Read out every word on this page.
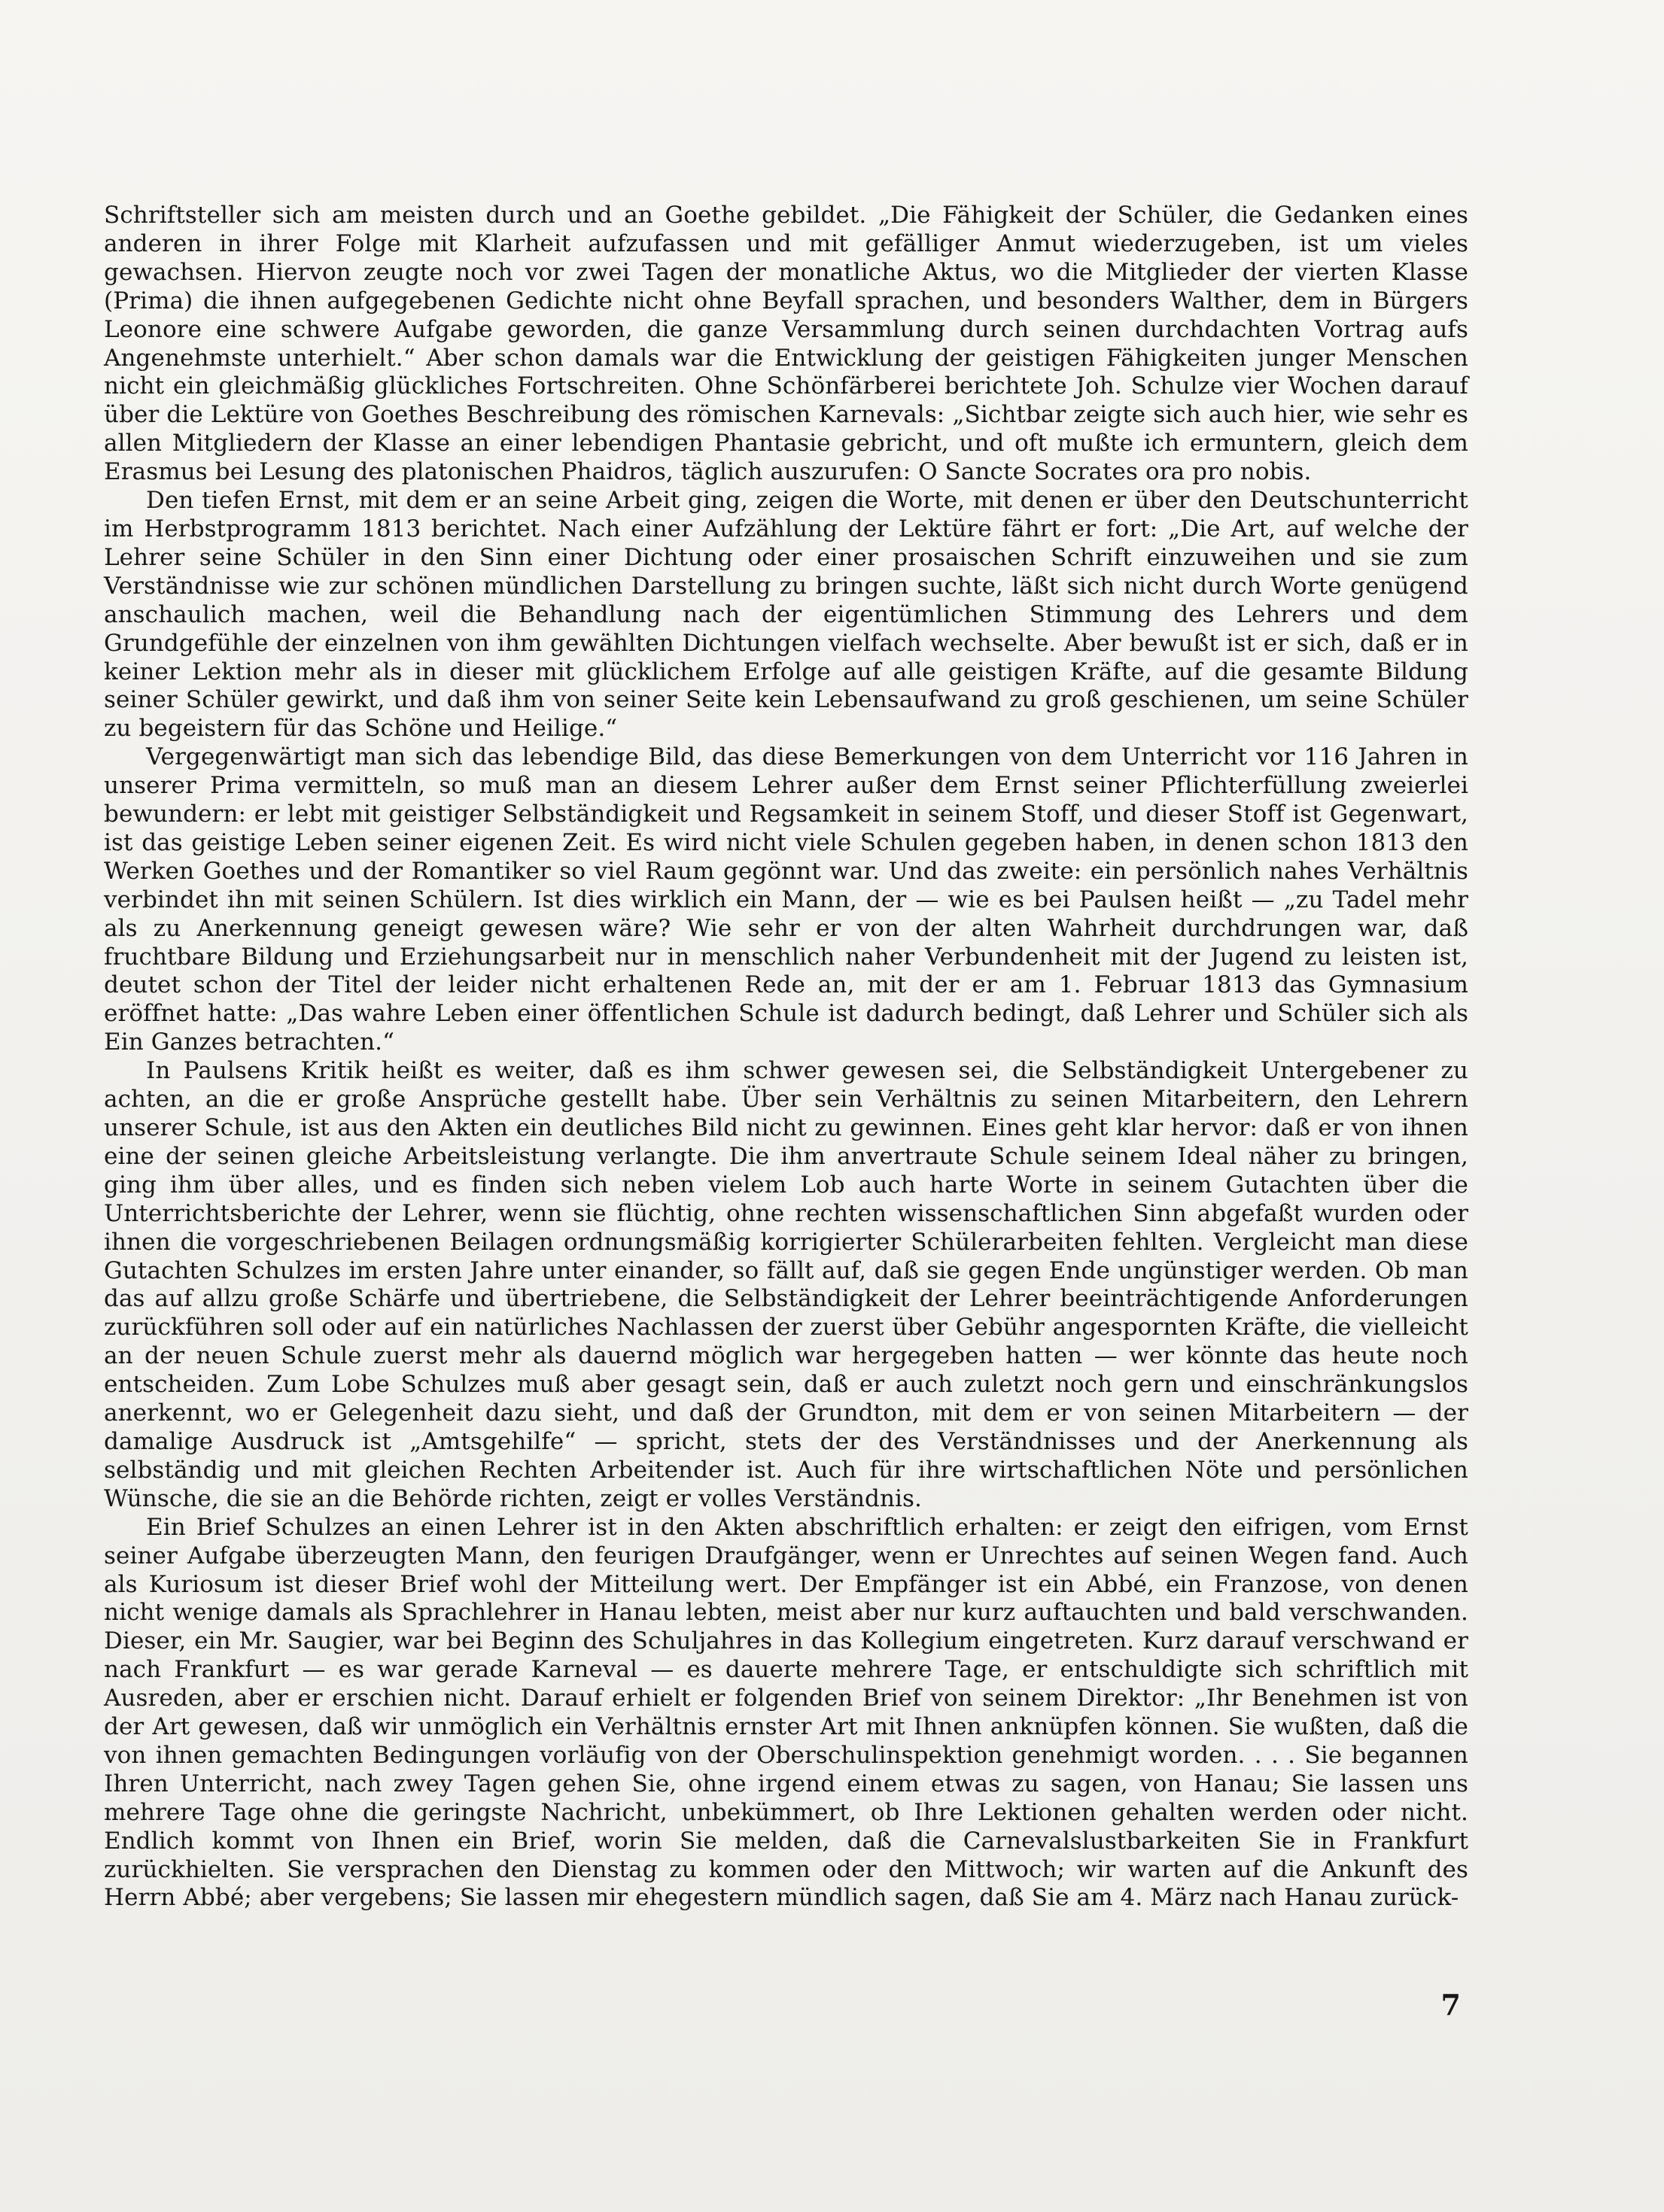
Schriftsteller sich am meisten durch und an Goethe gebildet. „Die Fähigkeit der Schüler, die Gedanken eines anderen in ihrer Folge mit Klarheit aufzufassen und mit gefälliger Anmut wiederzugeben, ist um vieles gewachsen. Hiervon zeugte noch vor zwei Tagen der monatliche Aktus, wo die Mitglieder der vierten Klasse (Prima) die ihnen aufgegebenen Gedichte nicht ohne Beyfall sprachen, und besonders Walther, dem in Bürgers Leonore eine schwere Aufgabe geworden, die ganze Versammlung durch seinen durchdachten Vortrag aufs Angenehmste unterhielt.“ Aber schon damals war die Entwicklung der geistigen Fähigkeiten junger Menschen nicht ein gleichmäßig glückliches Fortschreiten. Ohne Schönfärberei berichtete Joh. Schulze vier Wochen darauf über die Lektüre von Goethes Beschreibung des römischen Karnevals: „Sichtbar zeigte sich auch hier, wie sehr es allen Mitgliedern der Klasse an einer lebendigen Phantasie gebricht, und oft mußte ich ermuntern, gleich dem Erasmus bei Lesung des platonischen Phaidros, täglich auszurufen: O Sancte Socrates ora pro nobis.

Den tiefen Ernst, mit dem er an seine Arbeit ging, zeigen die Worte, mit denen er über den Deutschunterricht im Herbstprogramm 1813 berichtet. Nach einer Aufzählung der Lektüre fährt er fort: „Die Art, auf welche der Lehrer seine Schüler in den Sinn einer Dichtung oder einer prosaischen Schrift einzuweihen und sie zum Verständnisse wie zur schönen mündlichen Darstellung zu bringen suchte, läßt sich nicht durch Worte genügend anschaulich machen, weil die Behandlung nach der eigentümlichen Stimmung des Lehrers und dem Grundgefühle der einzelnen von ihm gewählten Dichtungen vielfach wechselte. Aber bewußt ist er sich, daß er in keiner Lektion mehr als in dieser mit glücklichem Erfolge auf alle geistigen Kräfte, auf die gesamte Bildung seiner Schüler gewirkt, und daß ihm von seiner Seite kein Lebensaufwand zu groß geschienen, um seine Schüler zu begeistern für das Schöne und Heilige.“

Vergegenwärtigt man sich das lebendige Bild, das diese Bemerkungen von dem Unterricht vor 116 Jahren in unserer Prima vermitteln, so muß man an diesem Lehrer außer dem Ernst seiner Pflichterfüllung zweierlei bewundern: er lebt mit geistiger Selbständigkeit und Regsamkeit in seinem Stoff, und dieser Stoff ist Gegenwart, ist das geistige Leben seiner eigenen Zeit. Es wird nicht viele Schulen gegeben haben, in denen schon 1813 den Werken Goethes und der Romantiker so viel Raum gegönnt war. Und das zweite: ein persönlich nahes Verhältnis verbindet ihn mit seinen Schülern. Ist dies wirklich ein Mann, der — wie es bei Paulsen heißt — „zu Tadel mehr als zu Anerkennung geneigt gewesen wäre? Wie sehr er von der alten Wahrheit durchdrungen war, daß fruchtbare Bildung und Erziehungsarbeit nur in menschlich naher Verbundenheit mit der Jugend zu leisten ist, deutet schon der Titel der leider nicht erhaltenen Rede an, mit der er am 1. Februar 1813 das Gymnasium eröffnet hatte: „Das wahre Leben einer öffentlichen Schule ist dadurch bedingt, daß Lehrer und Schüler sich als Ein Ganzes betrachten.“

In Paulsens Kritik heißt es weiter, daß es ihm schwer gewesen sei, die Selbständigkeit Untergebener zu achten, an die er große Ansprüche gestellt habe. Über sein Verhältnis zu seinen Mitarbeitern, den Lehrern unserer Schule, ist aus den Akten ein deutliches Bild nicht zu gewinnen. Eines geht klar hervor: daß er von ihnen eine der seinen gleiche Arbeitsleistung verlangte. Die ihm anvertraute Schule seinem Ideal näher zu bringen, ging ihm über alles, und es finden sich neben vielem Lob auch harte Worte in seinem Gutachten über die Unterrichtsberichte der Lehrer, wenn sie flüchtig, ohne rechten wissenschaftlichen Sinn abgefaßt wurden oder ihnen die vorgeschriebenen Beilagen ordnungsmäßig korrigierter Schülerarbeiten fehlten. Vergleicht man diese Gutachten Schulzes im ersten Jahre unter einander, so fällt auf, daß sie gegen Ende ungünstiger werden. Ob man das auf allzu große Schärfe und übertriebene, die Selbständigkeit der Lehrer beeinträchtigende Anforderungen zurückführen soll oder auf ein natürliches Nachlassen der zuerst über Gebühr angespornten Kräfte, die vielleicht an der neuen Schule zuerst mehr als dauernd möglich war hergegeben hatten — wer könnte das heute noch entscheiden. Zum Lobe Schulzes muß aber gesagt sein, daß er auch zuletzt noch gern und einschränkungslos anerkennt, wo er Gelegenheit dazu sieht, und daß der Grundton, mit dem er von seinen Mitarbeitern — der damalige Ausdruck ist „Amtsgehilfe“ — spricht, stets der des Verständnisses und der Anerkennung als selbständig und mit gleichen Rechten Arbeitender ist. Auch für ihre wirtschaftlichen Nöte und persönlichen Wünsche, die sie an die Behörde richten, zeigt er volles Verständnis.

Ein Brief Schulzes an einen Lehrer ist in den Akten abschriftlich erhalten: er zeigt den eifrigen, vom Ernst seiner Aufgabe überzeugten Mann, den feurigen Draufgänger, wenn er Unrechtes auf seinen Wegen fand. Auch als Kuriosum ist dieser Brief wohl der Mitteilung wert. Der Empfänger ist ein Abbé, ein Franzose, von denen nicht wenige damals als Sprachlehrer in Hanau lebten, meist aber nur kurz auftauchten und bald verschwanden. Dieser, ein Mr. Saugier, war bei Beginn des Schuljahres in das Kollegium eingetreten. Kurz darauf verschwand er nach Frankfurt — es war gerade Karneval — es dauerte mehrere Tage, er entschuldigte sich schriftlich mit Ausreden, aber er erschien nicht. Darauf erhielt er folgenden Brief von seinem Direktor: „Ihr Benehmen ist von der Art gewesen, daß wir unmöglich ein Verhältnis ernster Art mit Ihnen anknüpfen können. Sie wußten, daß die von ihnen gemachten Bedingungen vorläufig von der Oberschulinspektion genehmigt worden. . . . Sie begannen Ihren Unterricht, nach zwey Tagen gehen Sie, ohne irgend einem etwas zu sagen, von Hanau; Sie lassen uns mehrere Tage ohne die geringste Nachricht, unbekümmert, ob Ihre Lektionen gehalten werden oder nicht. Endlich kommt von Ihnen ein Brief, worin Sie melden, daß die Carnevalslustbarkeiten Sie in Frankfurt zurückhielten. Sie versprachen den Dienstag zu kommen oder den Mittwoch; wir warten auf die Ankunft des Herrn Abbé; aber vergebens; Sie lassen mir ehegestern mündlich sagen, daß Sie am 4. März nach Hanau zurück-

7
